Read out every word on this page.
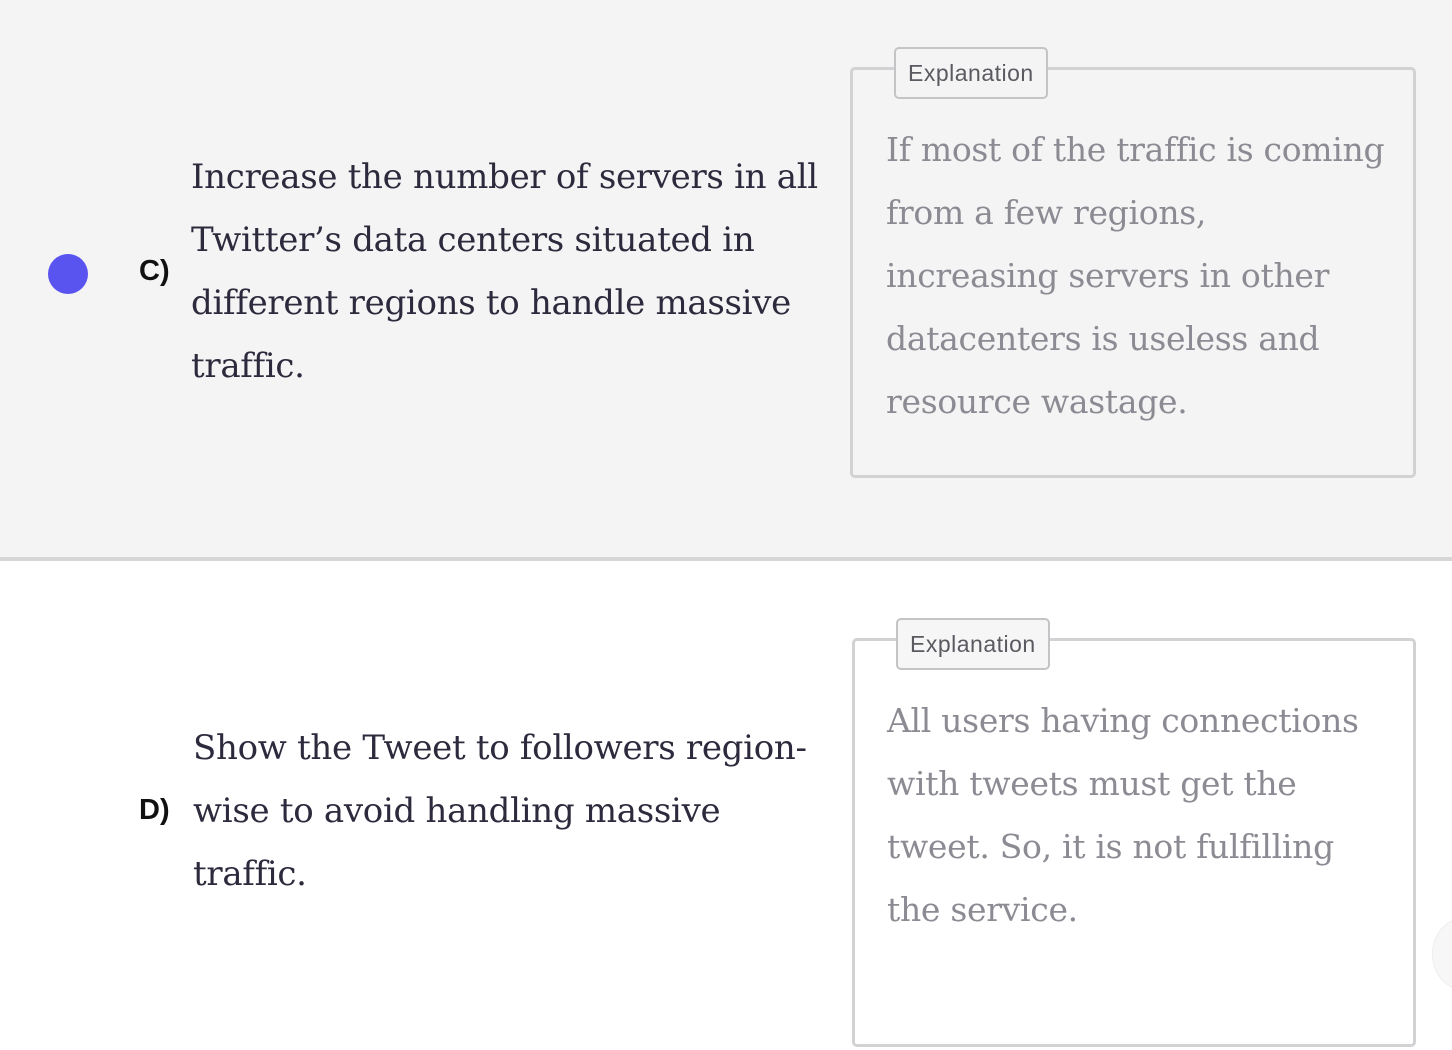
C)

Increase the number of servers in all Twitter’s data centers situated in different regions to handle massive traffic.

Explanation

If most of the traffic is coming from a few regions, increasing servers in other datacenters is useless and resource wastage.

D)

Show the Tweet to followers region-wise to avoid handling massive traffic.

Explanation

All users having connections with tweets must get the tweet. So, it is not fulfilling the service.
